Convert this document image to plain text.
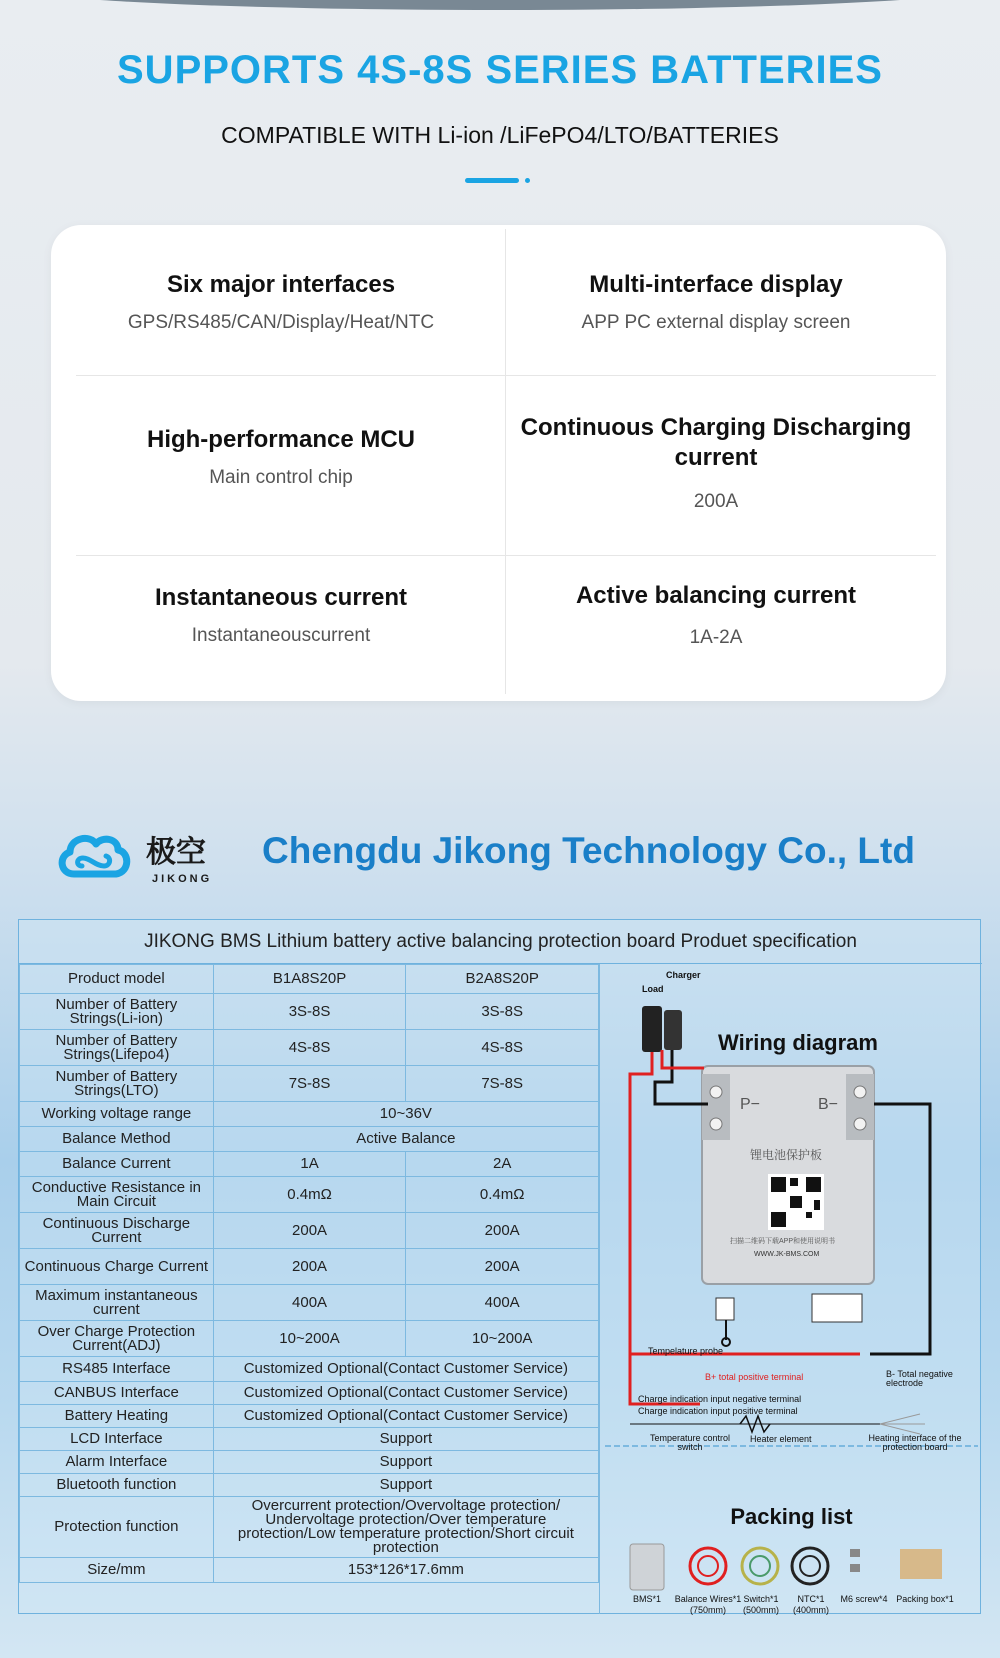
SUPPORTS 4S-8S SERIES BATTERIES
COMPATIBLE WITH Li-ion /LiFePO4/LTO/BATTERIES
Six major interfaces
GPS/RS485/CAN/Display/Heat/NTC
Multi-interface display
APP PC external display screen
High-performance MCU
Main control chip
Continuous Charging Discharging current
200A
Instantaneous current
Instantaneouscurrent
Active balancing current
1A-2A
极空
JIKONG
Chengdu Jikong Technology Co., Ltd
JIKONG BMS Lithium battery active balancing protection board Produet specification
Product model	B1A8S20P	B2A8S20P
Number of Battery Strings(Li-ion)	3S-8S	3S-8S
Number of Battery Strings(Lifepo4)	4S-8S	4S-8S
Number of Battery Strings(LTO)	7S-8S	7S-8S
Working voltage range	10~36V	
Balance Method	Active Balance	
Balance Current	1A	2A
Conductive Resistance in Main Circuit	0.4mΩ	0.4mΩ
Continuous Discharge Current	200A	200A
Continuous Charge Current	200A	200A
Maximum instantaneous current	400A	400A
Over Charge Protection Current(ADJ)	10~200A	10~200A
RS485 Interface	Customized Optional(Contact Customer Service)	
CANBUS Interface	Customized Optional(Contact Customer Service)	
Battery Heating	Customized Optional(Contact Customer Service)	
LCD Interface	Support	
Alarm Interface	Support	
Bluetooth function	Support	
Protection function	Overcurrent protection/Overvoltage protection/ Undervoltage protection/Over temperature protection/Low temperature protection/Short circuit protection	
Size/mm	153*126*17.6mm	
Charger
Load
Wiring diagram
P−	B−
锂电池保护板
扫描二维码下载APP和使用说明书
WWW.JK-BMS.COM
Tempelature probe
B+ total positive terminal	B- Total negative electrode
Charge indication input negative terminal
Charge indication input positive terminal
Temperature control switch
Heater element	Heating interface of the protection board
Packing list
BMS*1	Balance Wires*1
(750mm)
Switch*1
(500mm)
NTC*1
(400mm)
M6 screw*4 Packing box*1
